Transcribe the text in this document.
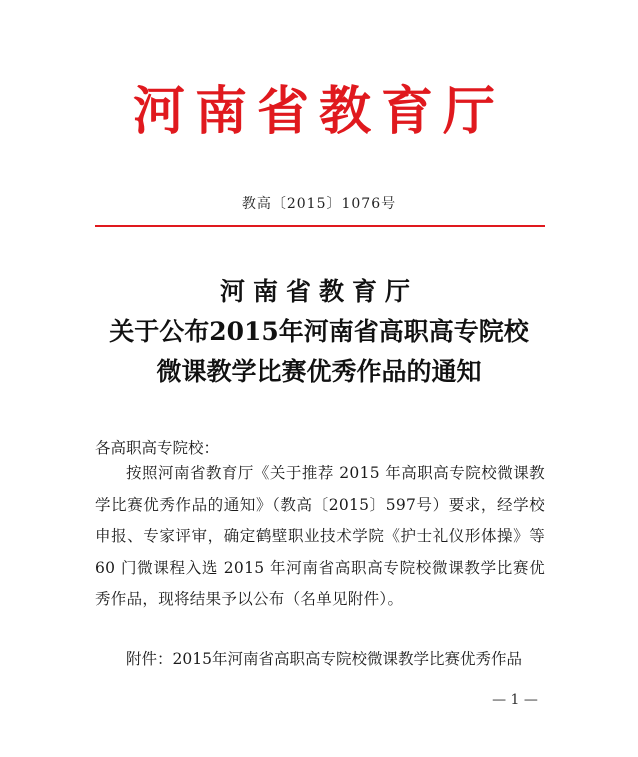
河南省教育厅
教高〔2015〕1076号
河南省教育厅
关于公布2015年河南省高职高专院校
微课教学比赛优秀作品的通知
各高职高专院校：
按照河南省教育厅《关于推荐 2015 年高职高专院校微课教学比赛优秀作品的通知》（教高〔2015〕597号）要求，经学校申报、专家评审，确定鹤壁职业技术学院《护士礼仪形体操》等 60 门微课程入选 2015 年河南省高职高专院校微课教学比赛优秀作品，现将结果予以公布（名单见附件）。
附件：2015年河南省高职高专院校微课教学比赛优秀作品
— 1 —
